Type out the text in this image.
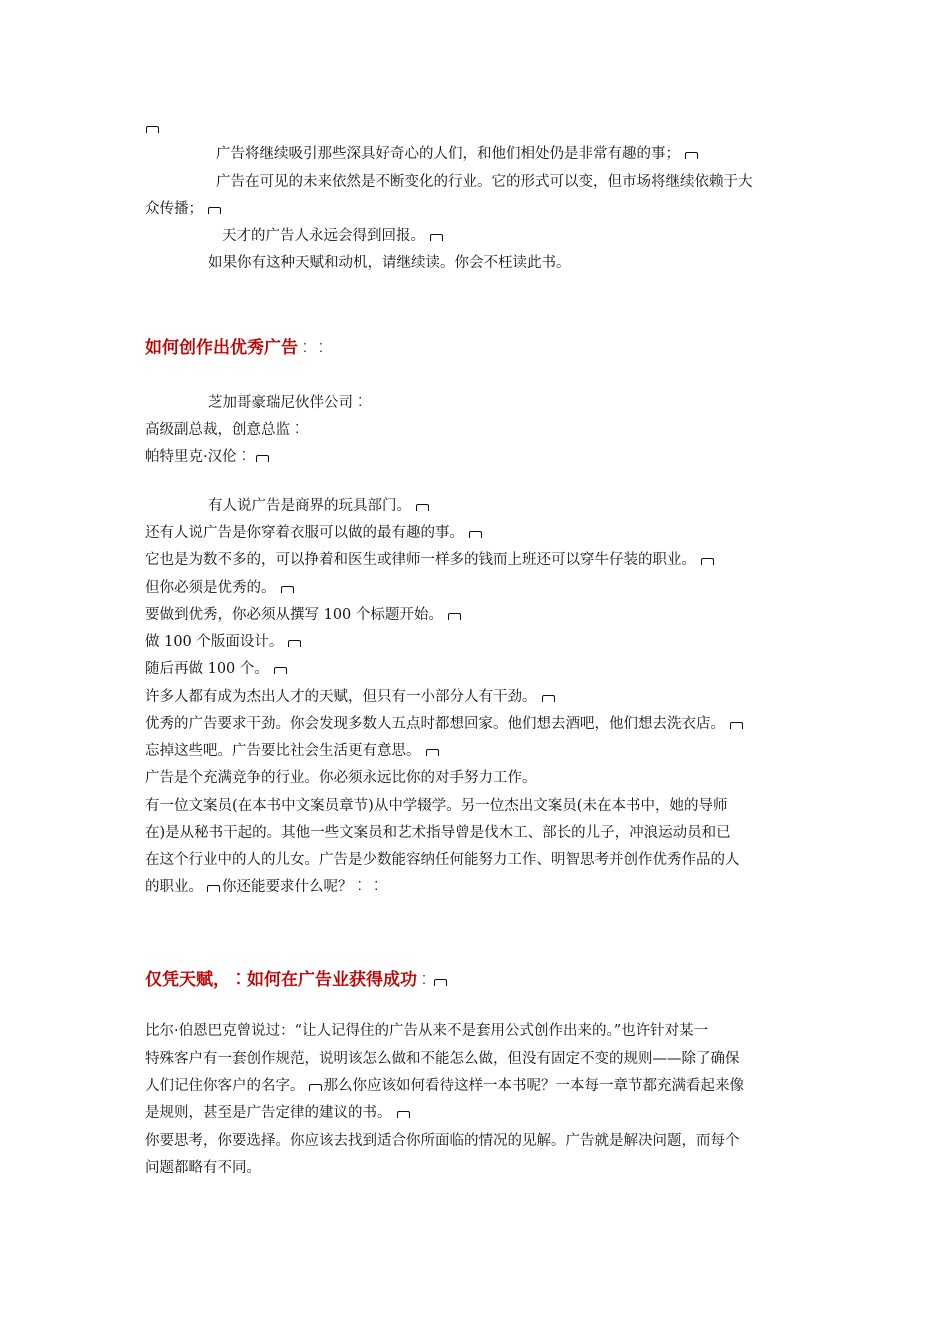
广告将继续吸引那些深具好奇心的人们，和他们相处仍是非常有趣的事；
广告在可见的未来依然是不断变化的行业。它的形式可以变，但市场将继续依赖于大
众传播；
天才的广告人永远会得到回报。
如果你有这种天赋和动机，请继续读。你会不枉读此书。
如何创作出优秀广告︰︰
芝加哥豪瑞尼伙伴公司︰
高级副总裁，创意总监︰
帕特里克·汉伦︰
有人说广告是商界的玩具部门。
还有人说广告是你穿着衣服可以做的最有趣的事。
它也是为数不多的，可以挣着和医生或律师一样多的钱而上班还可以穿牛仔装的职业。
但你必须是优秀的。
要做到优秀，你必须从撰写 100 个标题开始。
做 100 个版面设计。
随后再做 100 个。
许多人都有成为杰出人才的天赋，但只有一小部分人有干劲。
优秀的广告要求干劲。你会发现多数人五点时都想回家。他们想去酒吧，他们想去洗衣店。
忘掉这些吧。广告要比社会生活更有意思。
广告是个充满竞争的行业。你必须永远比你的对手努力工作。
有一位文案员(在本书中文案员章节)从中学辍学。另一位杰出文案员(未在本书中，她的导师
在)是从秘书干起的。其他一些文案员和艺术指导曾是伐木工、部长的儿子，冲浪运动员和已
在这个行业中的人的儿女。广告是少数能容纳任何能努力工作、明智思考并创作优秀作品的人
的职业。 你还能要求什么呢？︰︰
仅凭天赋，︰如何在广告业获得成功︰
比尔·伯恩巴克曾说过：“让人记得住的广告从来不是套用公式创作出来的。”也许针对某一
特殊客户有一套创作规范，说明该怎么做和不能怎么做，但没有固定不变的规则——除了确保
人们记住你客户的名字。 那么你应该如何看待这样一本书呢？一本每一章节都充满看起来像
是规则，甚至是广告定律的建议的书。
你要思考，你要选择。你应该去找到适合你所面临的情况的见解。广告就是解决问题，而每个
问题都略有不同。
